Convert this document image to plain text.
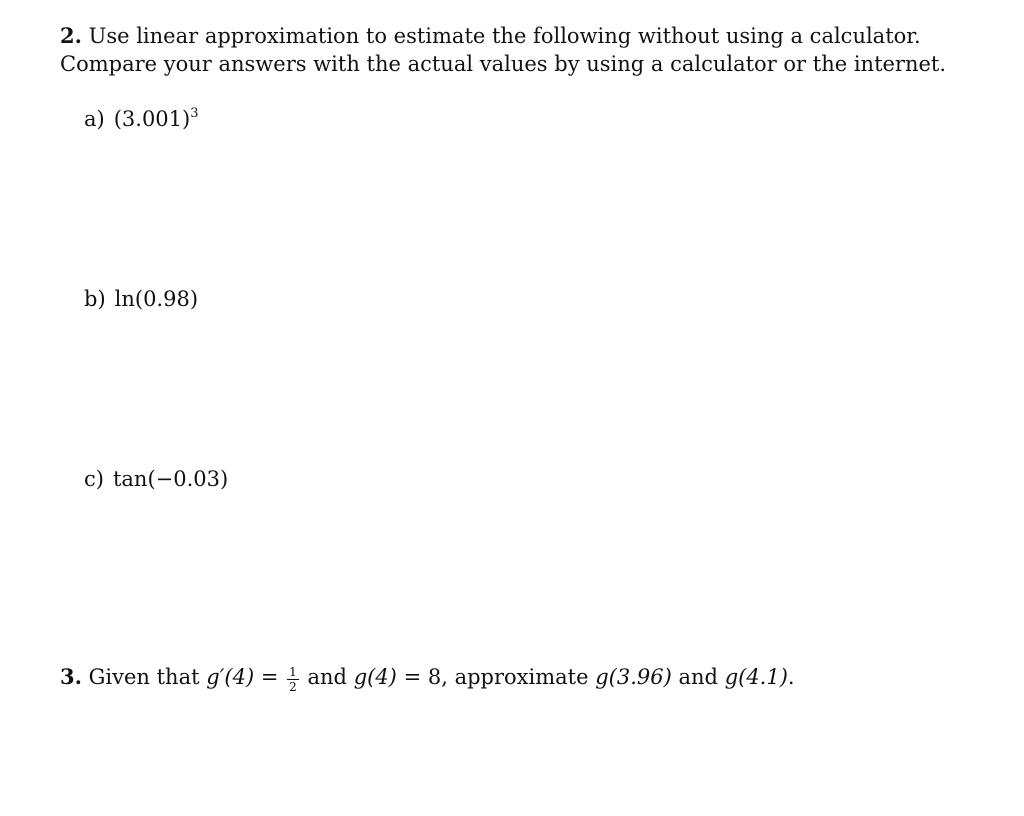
2. Use linear approximation to estimate the following without using a calculator. Compare your answers with the actual values by using a calculator or the internet.
a) $(3.001)^3$
b) ln(0.98)
c) tan(−0.03)
3. Given that $g'(4) = \frac{1}{2}$ and g(4) = 8, approximate g(3.96) and g(4.1).
